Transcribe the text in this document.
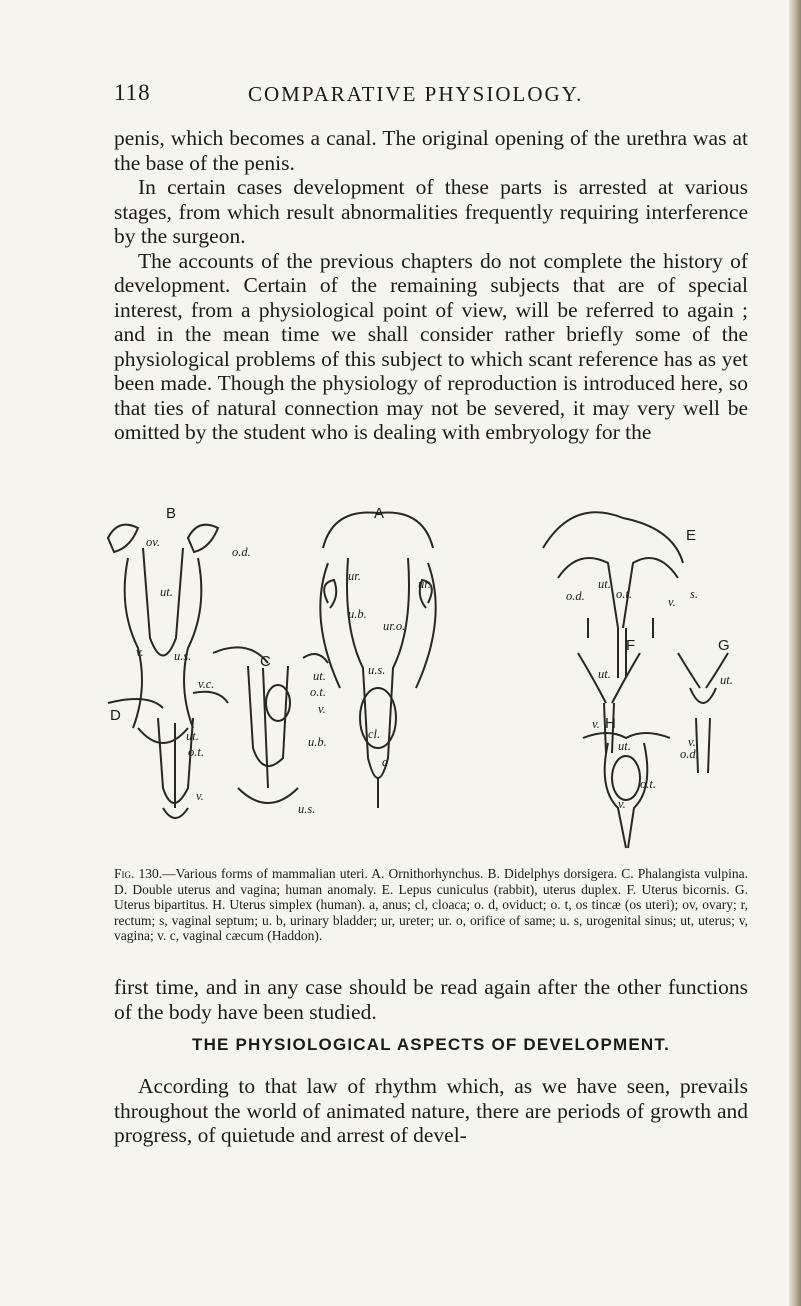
118	COMPARATIVE PHYSIOLOGY.

penis, which becomes a canal. The original opening of the urethra was at the base of the penis.

In certain cases development of these parts is arrested at various stages, from which result abnormalities frequently requiring interference by the surgeon.

The accounts of the previous chapters do not complete the history of development. Certain of the remaining subjects that are of special interest, from a physiological point of view, will be referred to again ; and in the mean time we shall consider rather briefly some of the physiological problems of this subject to which scant reference has as yet been made. Though the physiology of reproduction is introduced here, so that ties of natural connection may not be severed, it may very well be omitted by the student who is dealing with embryology for the

B	A
E
C
F	G
D	H
ov.
o.d.
ut.
ur.
ur.
ur.o.
u.b.
u.s.
cl.
a
ut.
o.d.	o.t.
v.
s.
ut.
v.
ut.
v.
o.d.
ut.
o.t.
v.
ut.
o.t.
v.
u.b.
u.s.
v.c.
u.s.
ut.
o.t.
v.
v.
Fig. 130.—Various forms of mammalian uteri. A. Ornithorhynchus. B. Didelphys dorsigera. C. Phalangista vulpina. D. Double uterus and vagina; human anomaly. E. Lepus cuniculus (rabbit), uterus duplex. F. Uterus bicornis. G. Uterus bipartitus. H. Uterus simplex (human). a, anus; cl, cloaca; o. d, oviduct; o. t, os tincæ (os uteri); ov, ovary; r, rectum; s, vaginal septum; u. b, urinary bladder; ur, ureter; ur. o, orifice of same; u. s, urogenital sinus; ut, uterus; v, vagina; v. c, vaginal cæcum (Haddon).

first time, and in any case should be read again after the other functions of the body have been studied.

THE PHYSIOLOGICAL ASPECTS OF DEVELOPMENT.

According to that law of rhythm which, as we have seen, prevails throughout the world of animated nature, there are periods of growth and progress, of quietude and arrest of devel-
